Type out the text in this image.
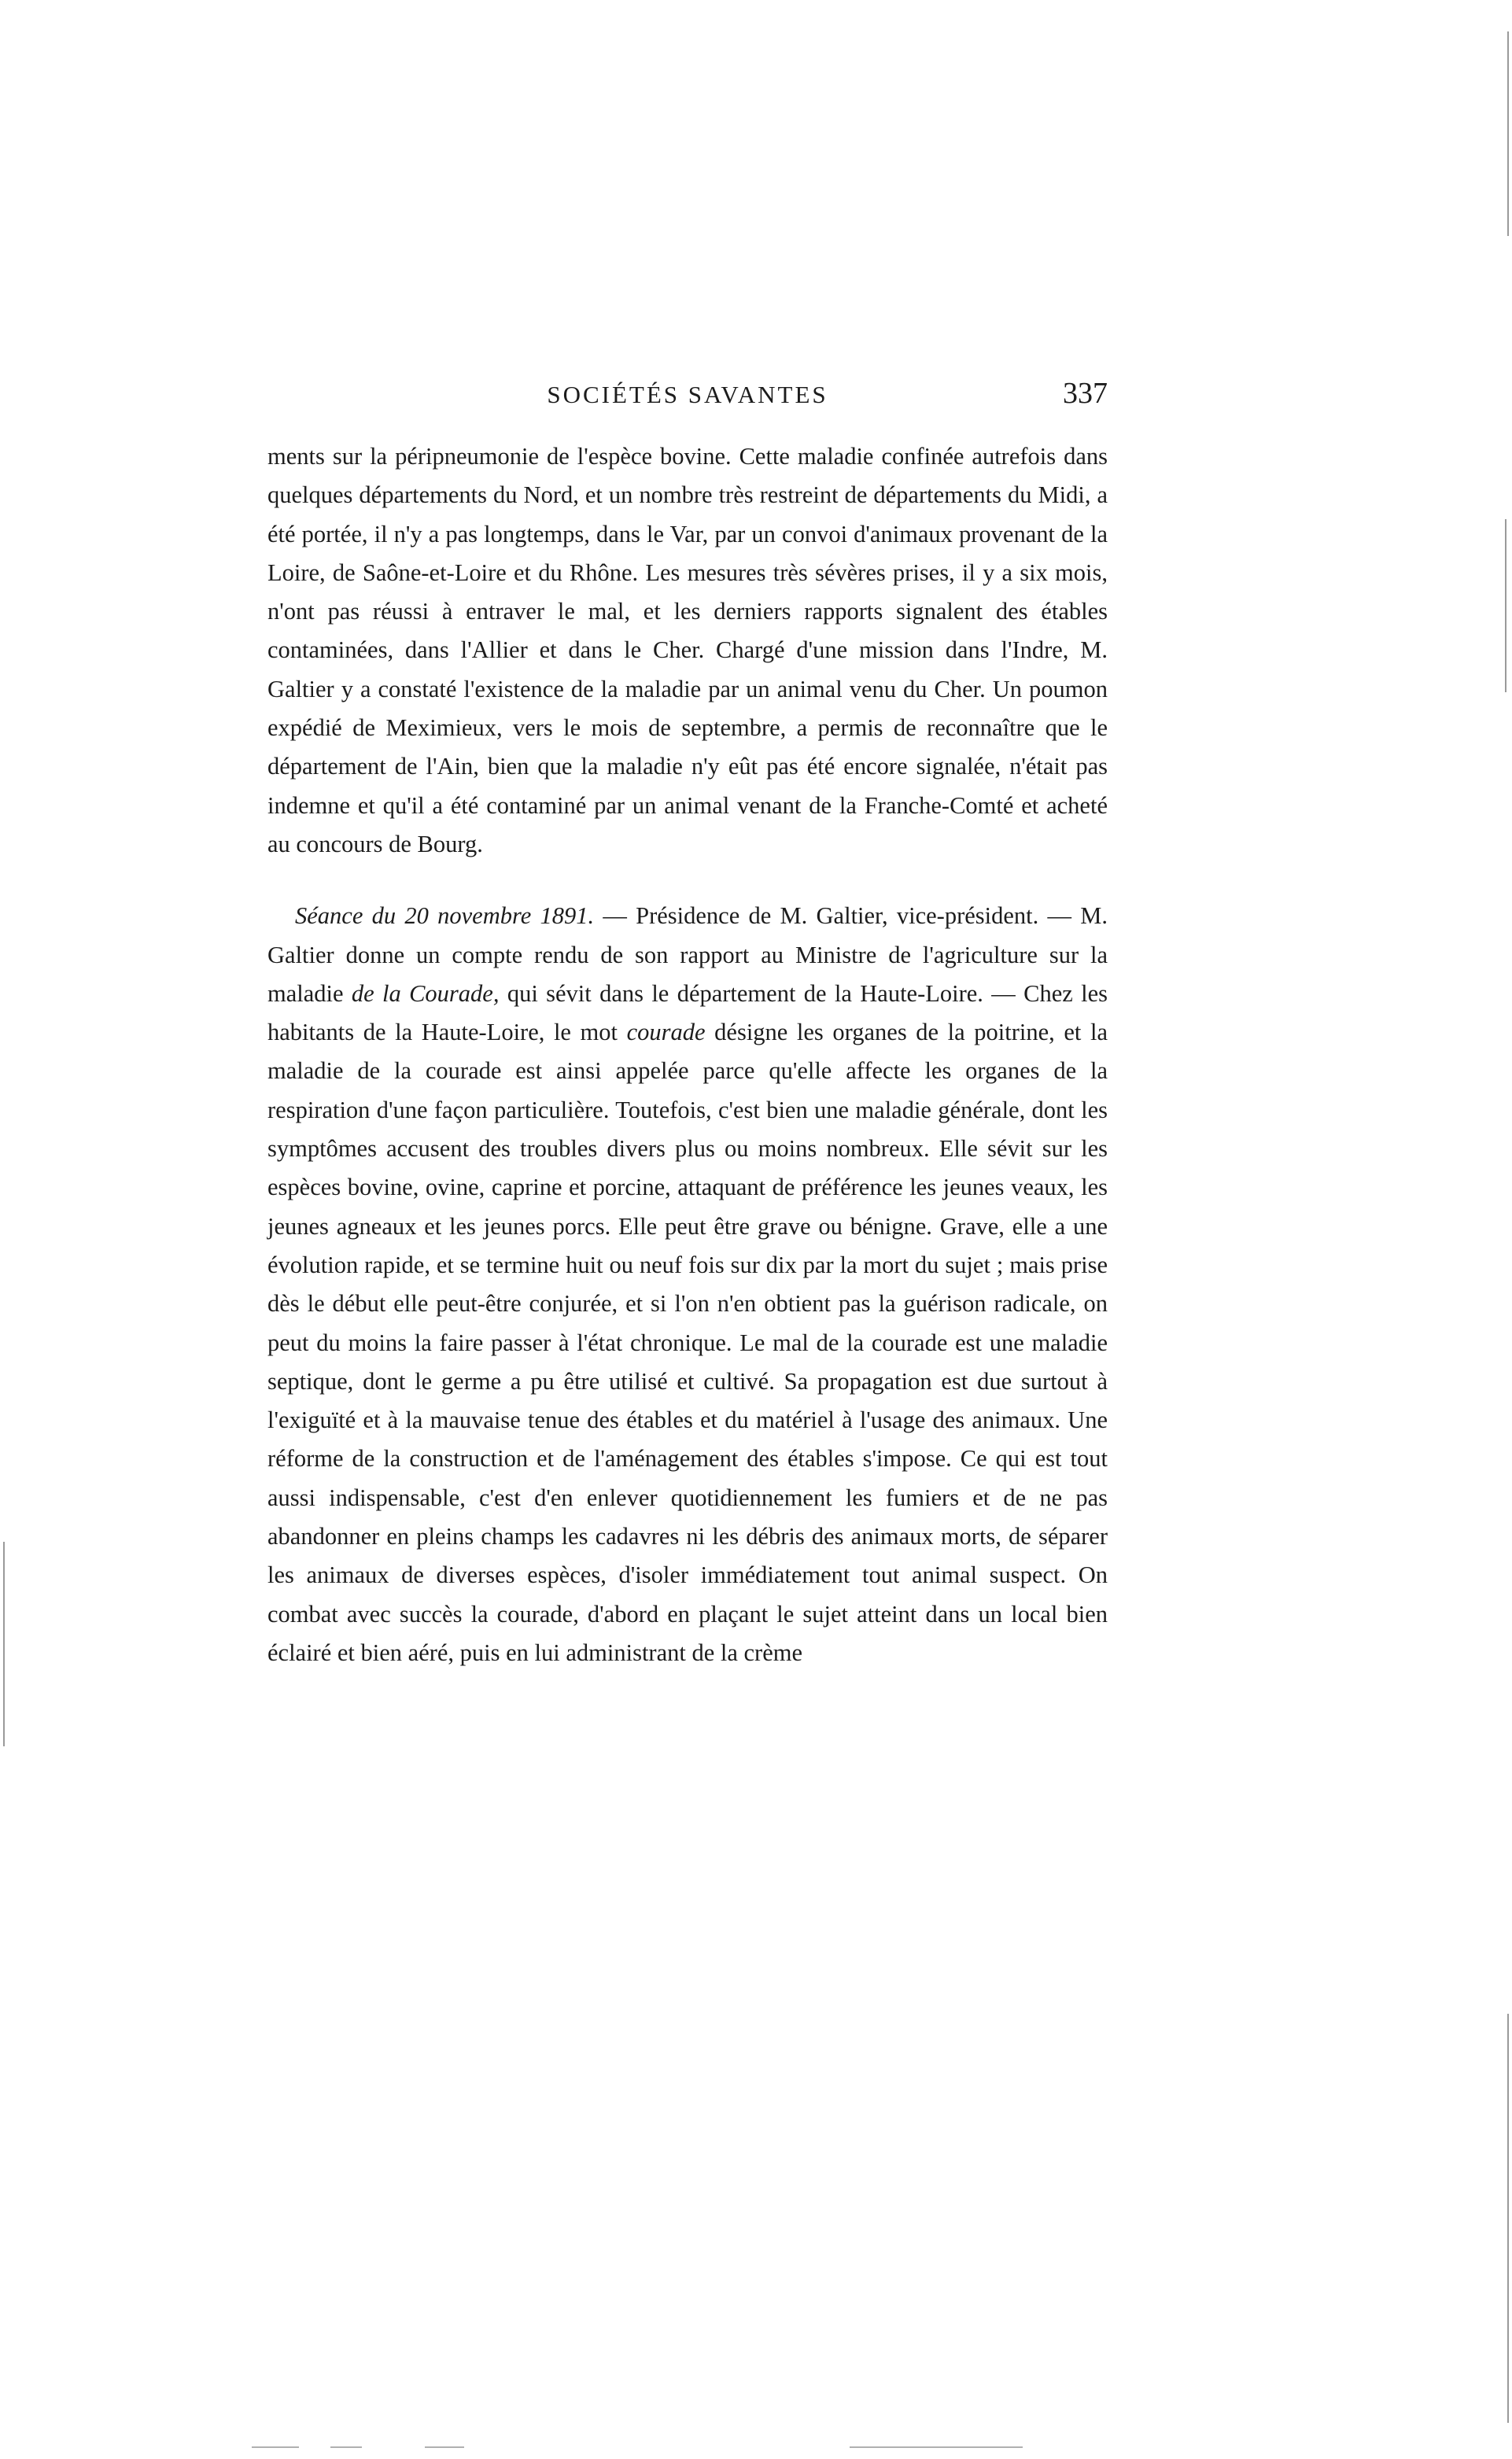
SOCIÉTÉS SAVANTES	337

ments sur la péripneumonie de l'espèce bovine. Cette maladie confinée autrefois dans quelques départements du Nord, et un nombre très restreint de départements du Midi, a été portée, il n'y a pas longtemps, dans le Var, par un convoi d'animaux provenant de la Loire, de Saône-et-Loire et du Rhône. Les mesures très sévères prises, il y a six mois, n'ont pas réussi à entraver le mal, et les derniers rapports signalent des étables contaminées, dans l'Allier et dans le Cher. Chargé d'une mission dans l'Indre, M. Galtier y a constaté l'existence de la maladie par un animal venu du Cher. Un poumon expédié de Meximieux, vers le mois de septembre, a permis de reconnaître que le département de l'Ain, bien que la maladie n'y eût pas été encore signalée, n'était pas indemne et qu'il a été contaminé par un animal venant de la Franche-Comté et acheté au concours de Bourg.

Séance du 20 novembre 1891. — Présidence de M. Galtier, vice-président. — M. Galtier donne un compte rendu de son rapport au Ministre de l'agriculture sur la maladie de la Courade, qui sévit dans le département de la Haute-Loire. — Chez les habitants de la Haute-Loire, le mot courade désigne les organes de la poitrine, et la maladie de la courade est ainsi appelée parce qu'elle affecte les organes de la respiration d'une façon particulière. Toutefois, c'est bien une maladie générale, dont les symptômes accusent des troubles divers plus ou moins nombreux. Elle sévit sur les espèces bovine, ovine, caprine et porcine, attaquant de préférence les jeunes veaux, les jeunes agneaux et les jeunes porcs. Elle peut être grave ou bénigne. Grave, elle a une évolution rapide, et se termine huit ou neuf fois sur dix par la mort du sujet ; mais prise dès le début elle peut-être conjurée, et si l'on n'en obtient pas la guérison radicale, on peut du moins la faire passer à l'état chronique. Le mal de la courade est une maladie septique, dont le germe a pu être utilisé et cultivé. Sa propagation est due surtout à l'exiguïté et à la mauvaise tenue des étables et du matériel à l'usage des animaux. Une réforme de la construction et de l'aménagement des étables s'impose. Ce qui est tout aussi indispensable, c'est d'en enlever quotidiennement les fumiers et de ne pas abandonner en pleins champs les cadavres ni les débris des animaux morts, de séparer les animaux de diverses espèces, d'isoler immédiatement tout animal suspect. On combat avec succès la courade, d'abord en plaçant le sujet atteint dans un local bien éclairé et bien aéré, puis en lui administrant de la crème
